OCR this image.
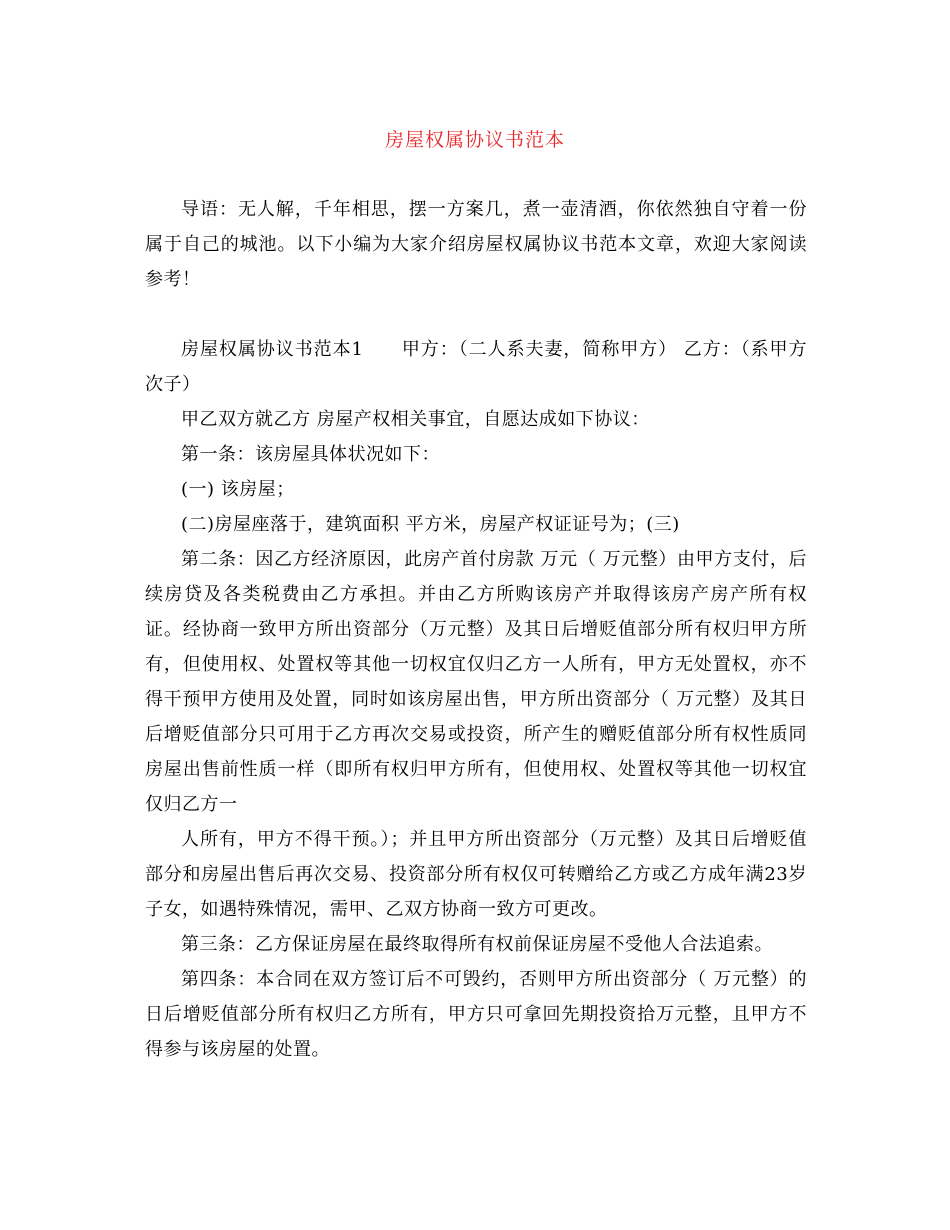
房屋权属协议书范本

导语：无人解，千年相思，摆一方案几，煮一壶清酒，你依然独自守着一份属于自己的城池。以下小编为大家介绍房屋权属协议书范本文章，欢迎大家阅读参考！

房屋权属协议书范本1　　甲方：（二人系夫妻，简称甲方） 乙方：（系甲方次子）

甲乙双方就乙方 房屋产权相关事宜，自愿达成如下协议：

第一条：该房屋具体状况如下：

(一) 该房屋；

(二)房屋座落于，建筑面积 平方米，房屋产权证证号为；(三)

第二条：因乙方经济原因，此房产首付房款 万元（ 万元整）由甲方支付，后续房贷及各类税费由乙方承担。并由乙方所购该房产并取得该房产房产所有权证。经协商一致甲方所出资部分（万元整）及其日后增贬值部分所有权归甲方所有，但使用权、处置权等其他一切权宜仅归乙方一人所有，甲方无处置权，亦不得干预甲方使用及处置，同时如该房屋出售，甲方所出资部分（ 万元整）及其日后增贬值部分只可用于乙方再次交易或投资，所产生的赠贬值部分所有权性质同房屋出售前性质一样（即所有权归甲方所有，但使用权、处置权等其他一切权宜仅归乙方一

人所有，甲方不得干预。）；并且甲方所出资部分（万元整）及其日后增贬值部分和房屋出售后再次交易、投资部分所有权仅可转赠给乙方或乙方成年满23岁子女，如遇特殊情况，需甲、乙双方协商一致方可更改。

第三条：乙方保证房屋在最终取得所有权前保证房屋不受他人合法追索。

第四条：本合同在双方签订后不可毁约，否则甲方所出资部分（ 万元整）的日后增贬值部分所有权归乙方所有，甲方只可拿回先期投资拾万元整，且甲方不得参与该房屋的处置。
